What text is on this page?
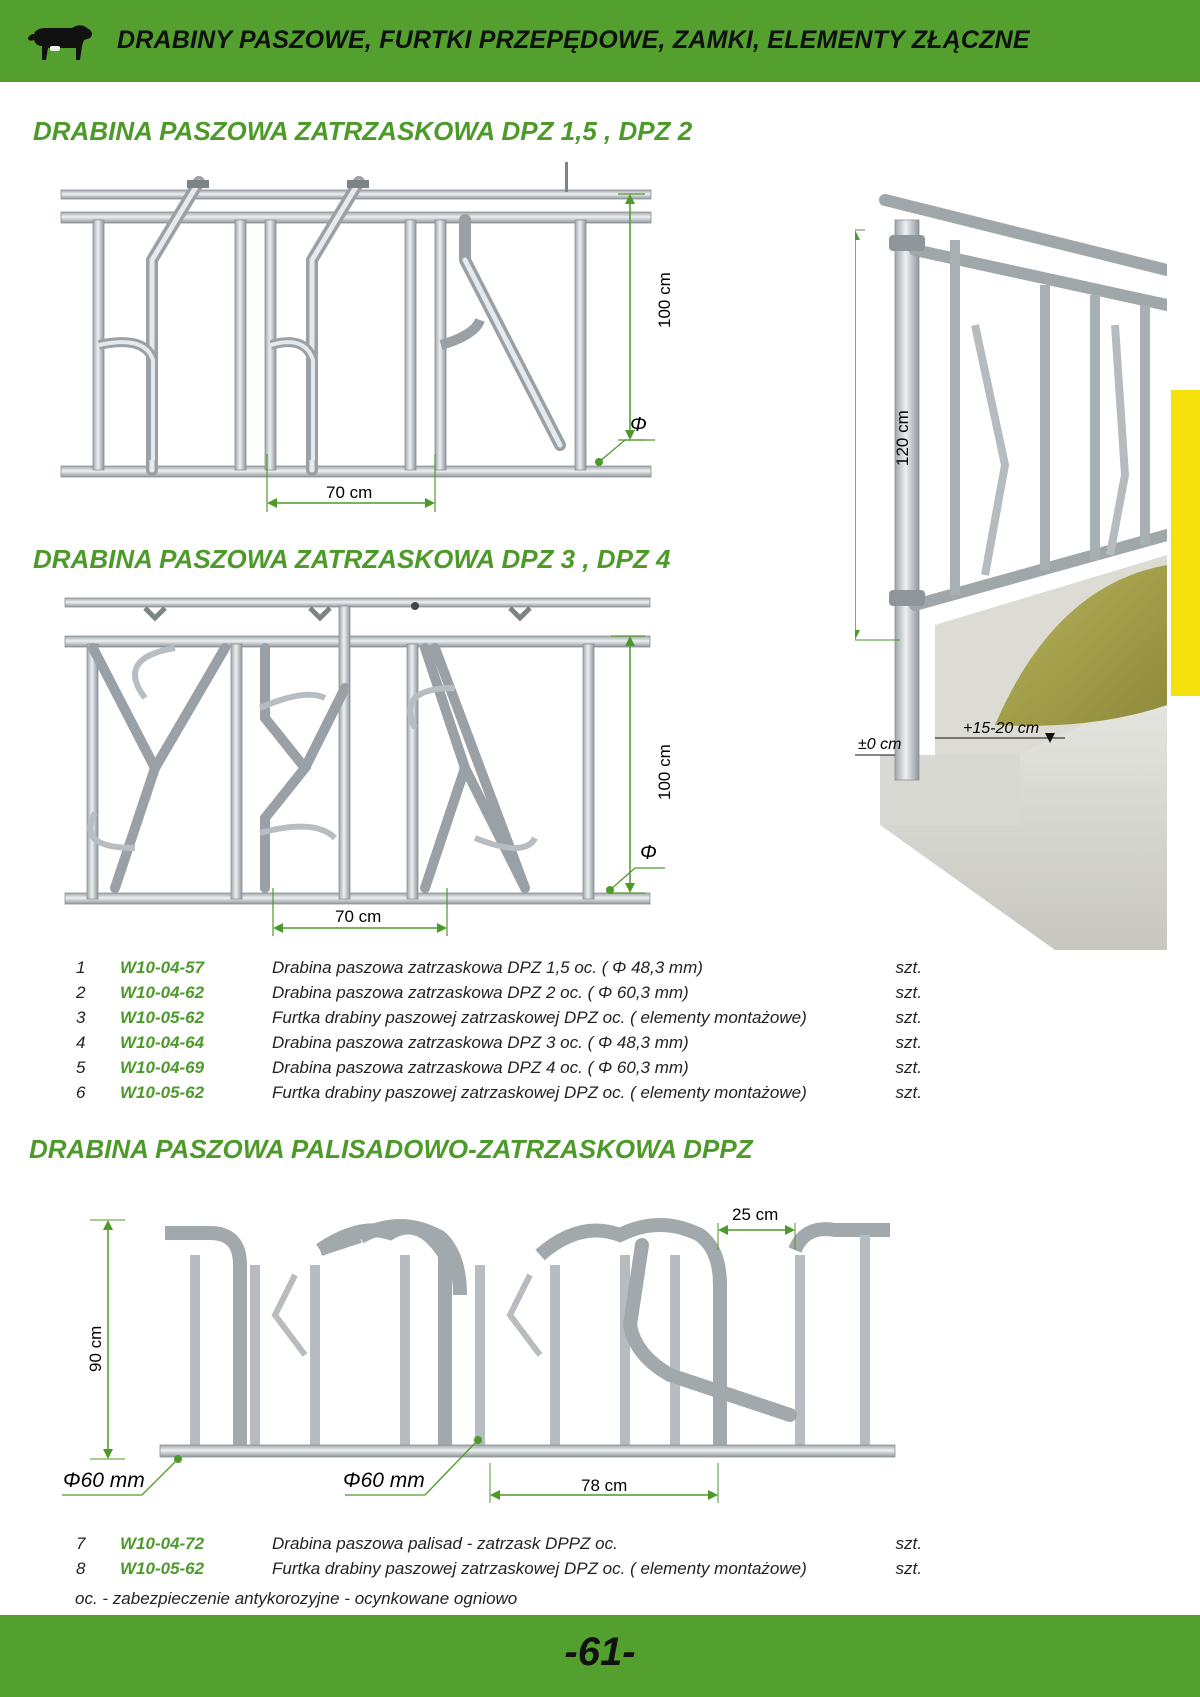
DRABINY PASZOWE, FURTKI PRZEPĘDOWE, ZAMKI, ELEMENTY ZŁĄCZNE
DRABINA PASZOWA ZATRZASKOWA DPZ 1,5 , DPZ 2
100 cm
70 cm
Φ
DRABINA PASZOWA ZATRZASKOWA DPZ 3 , DPZ 4
100 cm
70 cm
Φ
120 cm
±0 cm
+15-20 cm
1 W10-04-57	Drabina paszowa zatrzaskowa DPZ 1,5 oc. ( Φ 48,3 mm)	szt.
2 W10-04-62	Drabina paszowa zatrzaskowa DPZ 2 oc. ( Φ 60,3 mm)	szt.
3 W10-05-62	Furtka drabiny paszowej zatrzaskowej DPZ oc. ( elementy montażowe)	szt.
4 W10-04-64	Drabina paszowa zatrzaskowa DPZ 3 oc. ( Φ 48,3 mm)	szt.
5 W10-04-69	Drabina paszowa zatrzaskowa DPZ 4 oc. ( Φ 60,3 mm)	szt.
6 W10-05-62	Furtka drabiny paszowej zatrzaskowej DPZ oc. ( elementy montażowe)	szt.
DRABINA PASZOWA PALISADOWO-ZATRZASKOWA DPPZ
90 cm
25 cm
78 cm
Φ60 mm	Φ60 mm
7 W10-04-72	Drabina paszowa palisad - zatrzask DPPZ oc.	szt.
8 W10-05-62	Furtka drabiny paszowej zatrzaskowej DPZ oc. ( elementy montażowe)	szt.
oc. - zabezpieczenie antykorozyjne - ocynkowane ogniowo
-61-
